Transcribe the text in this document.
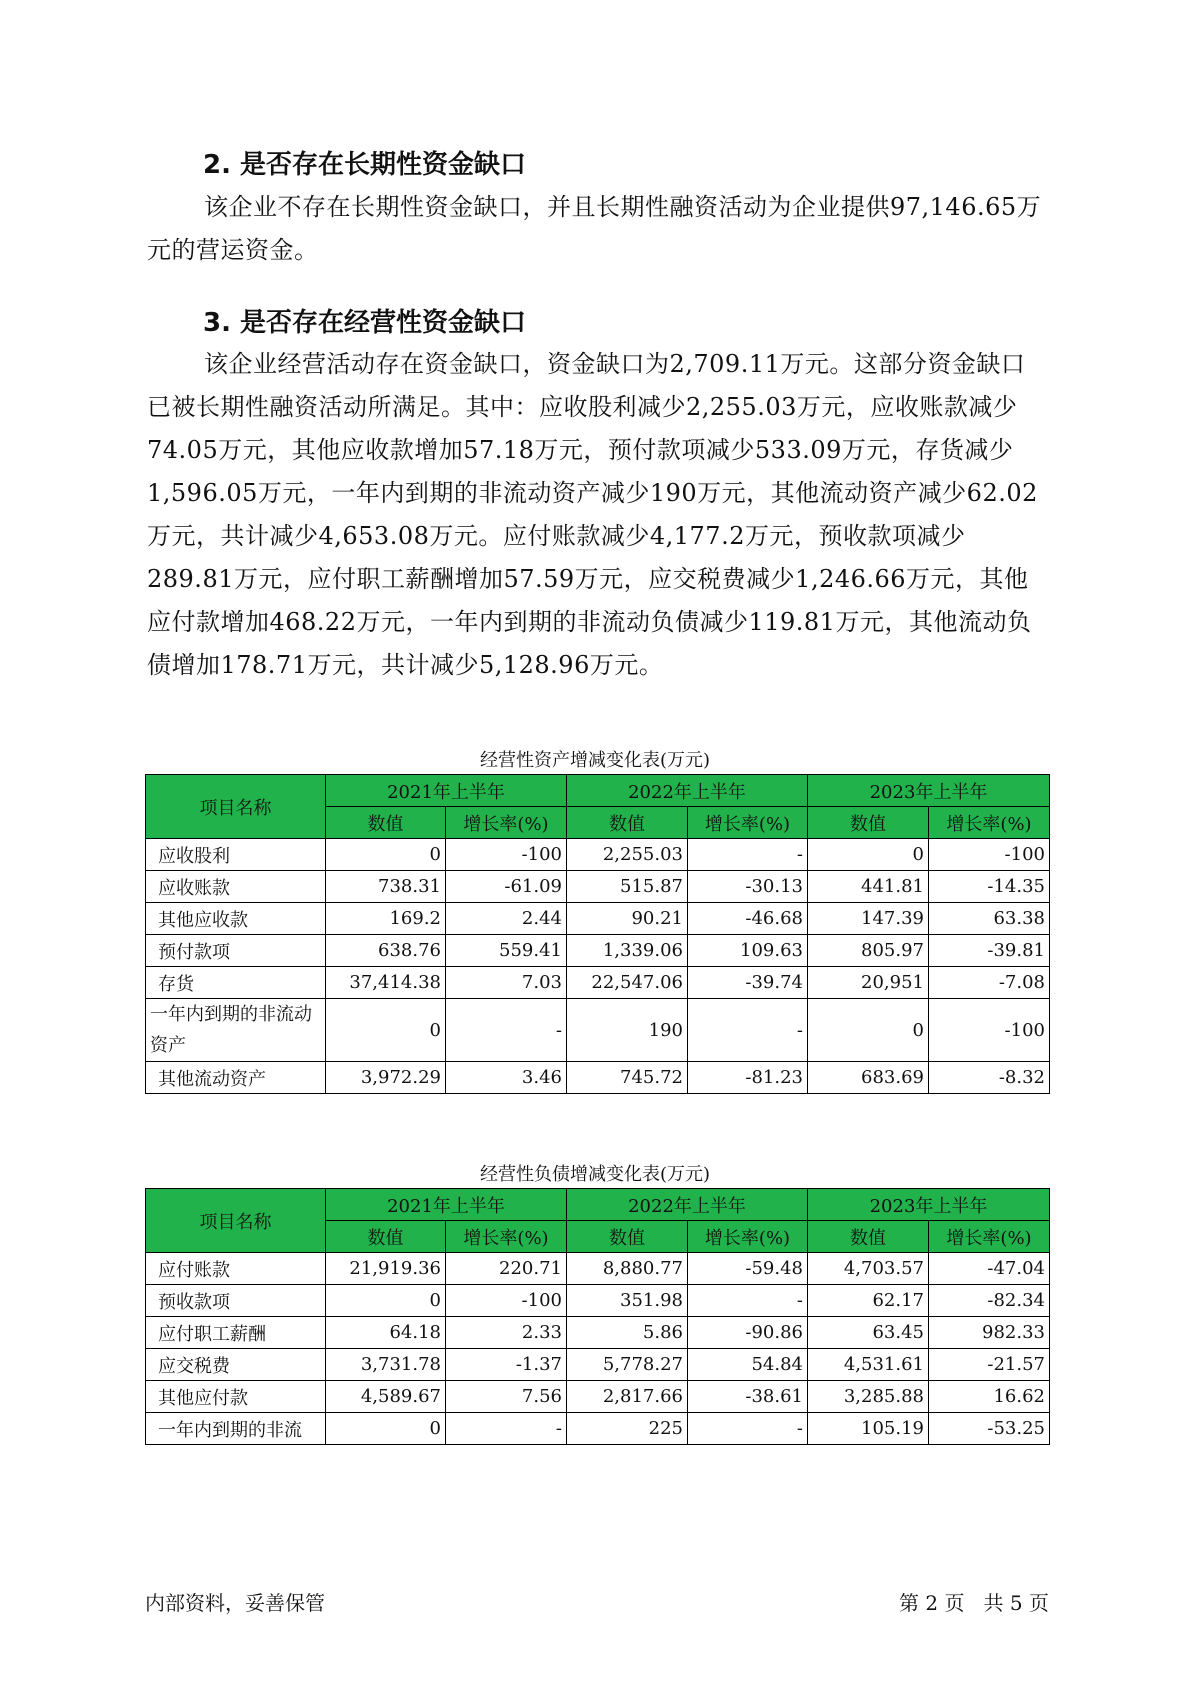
2. 是否存在长期性资金缺口

该企业不存在长期性资金缺口，并且长期性融资活动为企业提供97,146.65万元的营运资金。

3. 是否存在经营性资金缺口

该企业经营活动存在资金缺口，资金缺口为2,709.11万元。这部分资金缺口已被长期性融资活动所满足。其中：应收股利减少2,255.03万元，应收账款减少74.05万元，其他应收款增加57.18万元，预付款项减少533.09万元，存货减少1,596.05万元，一年内到期的非流动资产减少190万元，其他流动资产减少62.02万元，共计减少4,653.08万元。应付账款减少4,177.2万元，预收款项减少289.81万元，应付职工薪酬增加57.59万元，应交税费减少1,246.66万元，其他应付款增加468.22万元，一年内到期的非流动负债减少119.81万元，其他流动负债增加178.71万元，共计减少5,128.96万元。

经营性资产增减变化表(万元)
项目名称	2021年上半年		2022年上半年		2023年上半年	
	数值	增长率(%)	数值	增长率(%)	数值	增长率(%)
应收股利	0	-100	2,255.03	-	0	-100
应收账款	738.31	-61.09	515.87	-30.13	441.81	-14.35
其他应收款	169.2	2.44	90.21	-46.68	147.39	63.38
预付款项	638.76	559.41	1,339.06	109.63	805.97	-39.81
存货	37,414.38	7.03	22,547.06	-39.74	20,951	-7.08
一年内到期的非流动资产	0	-	190	-	0	-100
其他流动资产	3,972.29	3.46	745.72	-81.23	683.69	-8.32
经营性负债增减变化表(万元)
项目名称	2021年上半年		2022年上半年		2023年上半年	
	数值	增长率(%)	数值	增长率(%)	数值	增长率(%)
应付账款	21,919.36	220.71	8,880.77	-59.48	4,703.57	-47.04
预收款项	0	-100	351.98	-	62.17	-82.34
应付职工薪酬	64.18	2.33	5.86	-90.86	63.45	982.33
应交税费	3,731.78	-1.37	5,778.27	54.84	4,531.61	-21.57
其他应付款	4,589.67	7.56	2,817.66	-38.61	3,285.88	16.62
一年内到期的非流	0	-	225	-	105.19	-53.25
内部资料，妥善保管	第 2 页   共 5 页
